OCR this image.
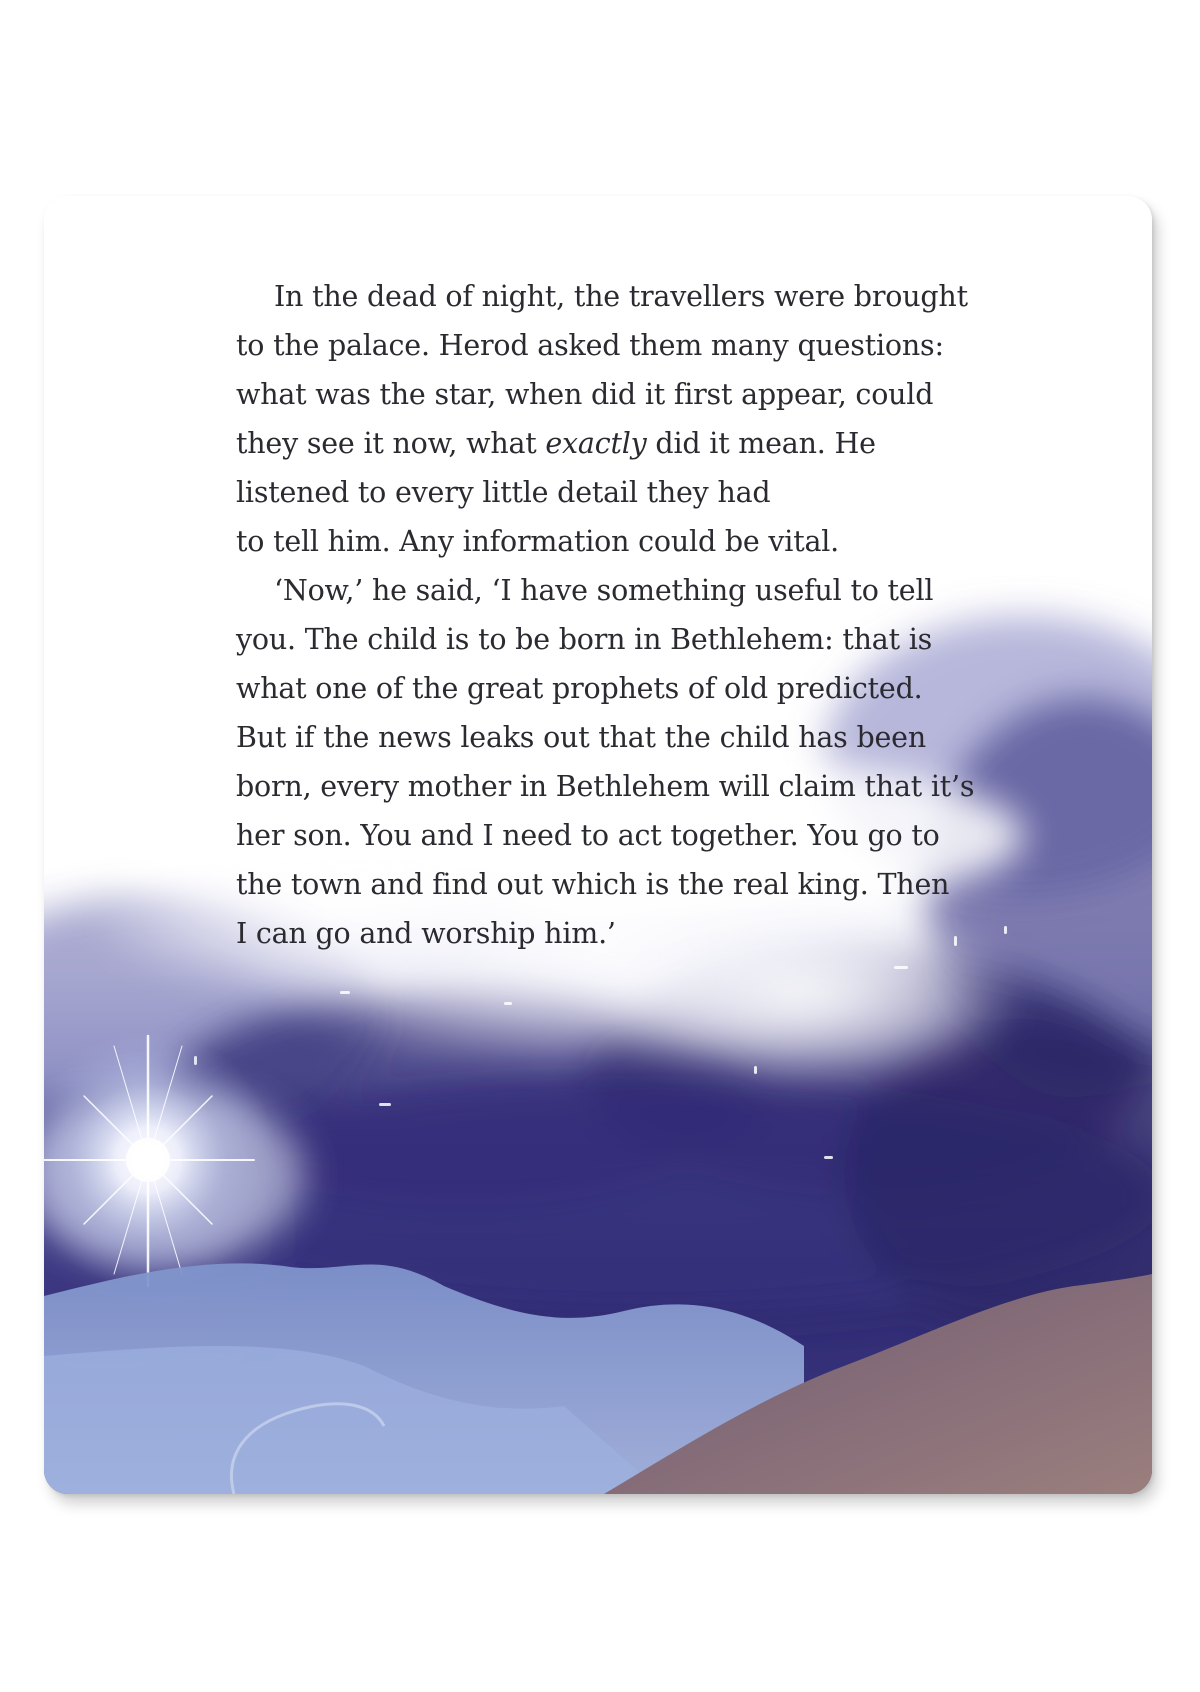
In the dead of night, the travellers were brought
to the palace. Herod asked them many questions:
what was the star, when did it first appear, could
they see it now, what exactly did it mean. He
listened to every little detail they had
to tell him. Any information could be vital.
‘Now,’ he said, ‘I have something useful to tell
you. The child is to be born in Bethlehem: that is
what one of the great prophets of old predicted.
But if the news leaks out that the child has been
born, every mother in Bethlehem will claim that it’s
her son. You and I need to act together. You go to
the town and find out which is the real king. Then
I can go and worship him.’
